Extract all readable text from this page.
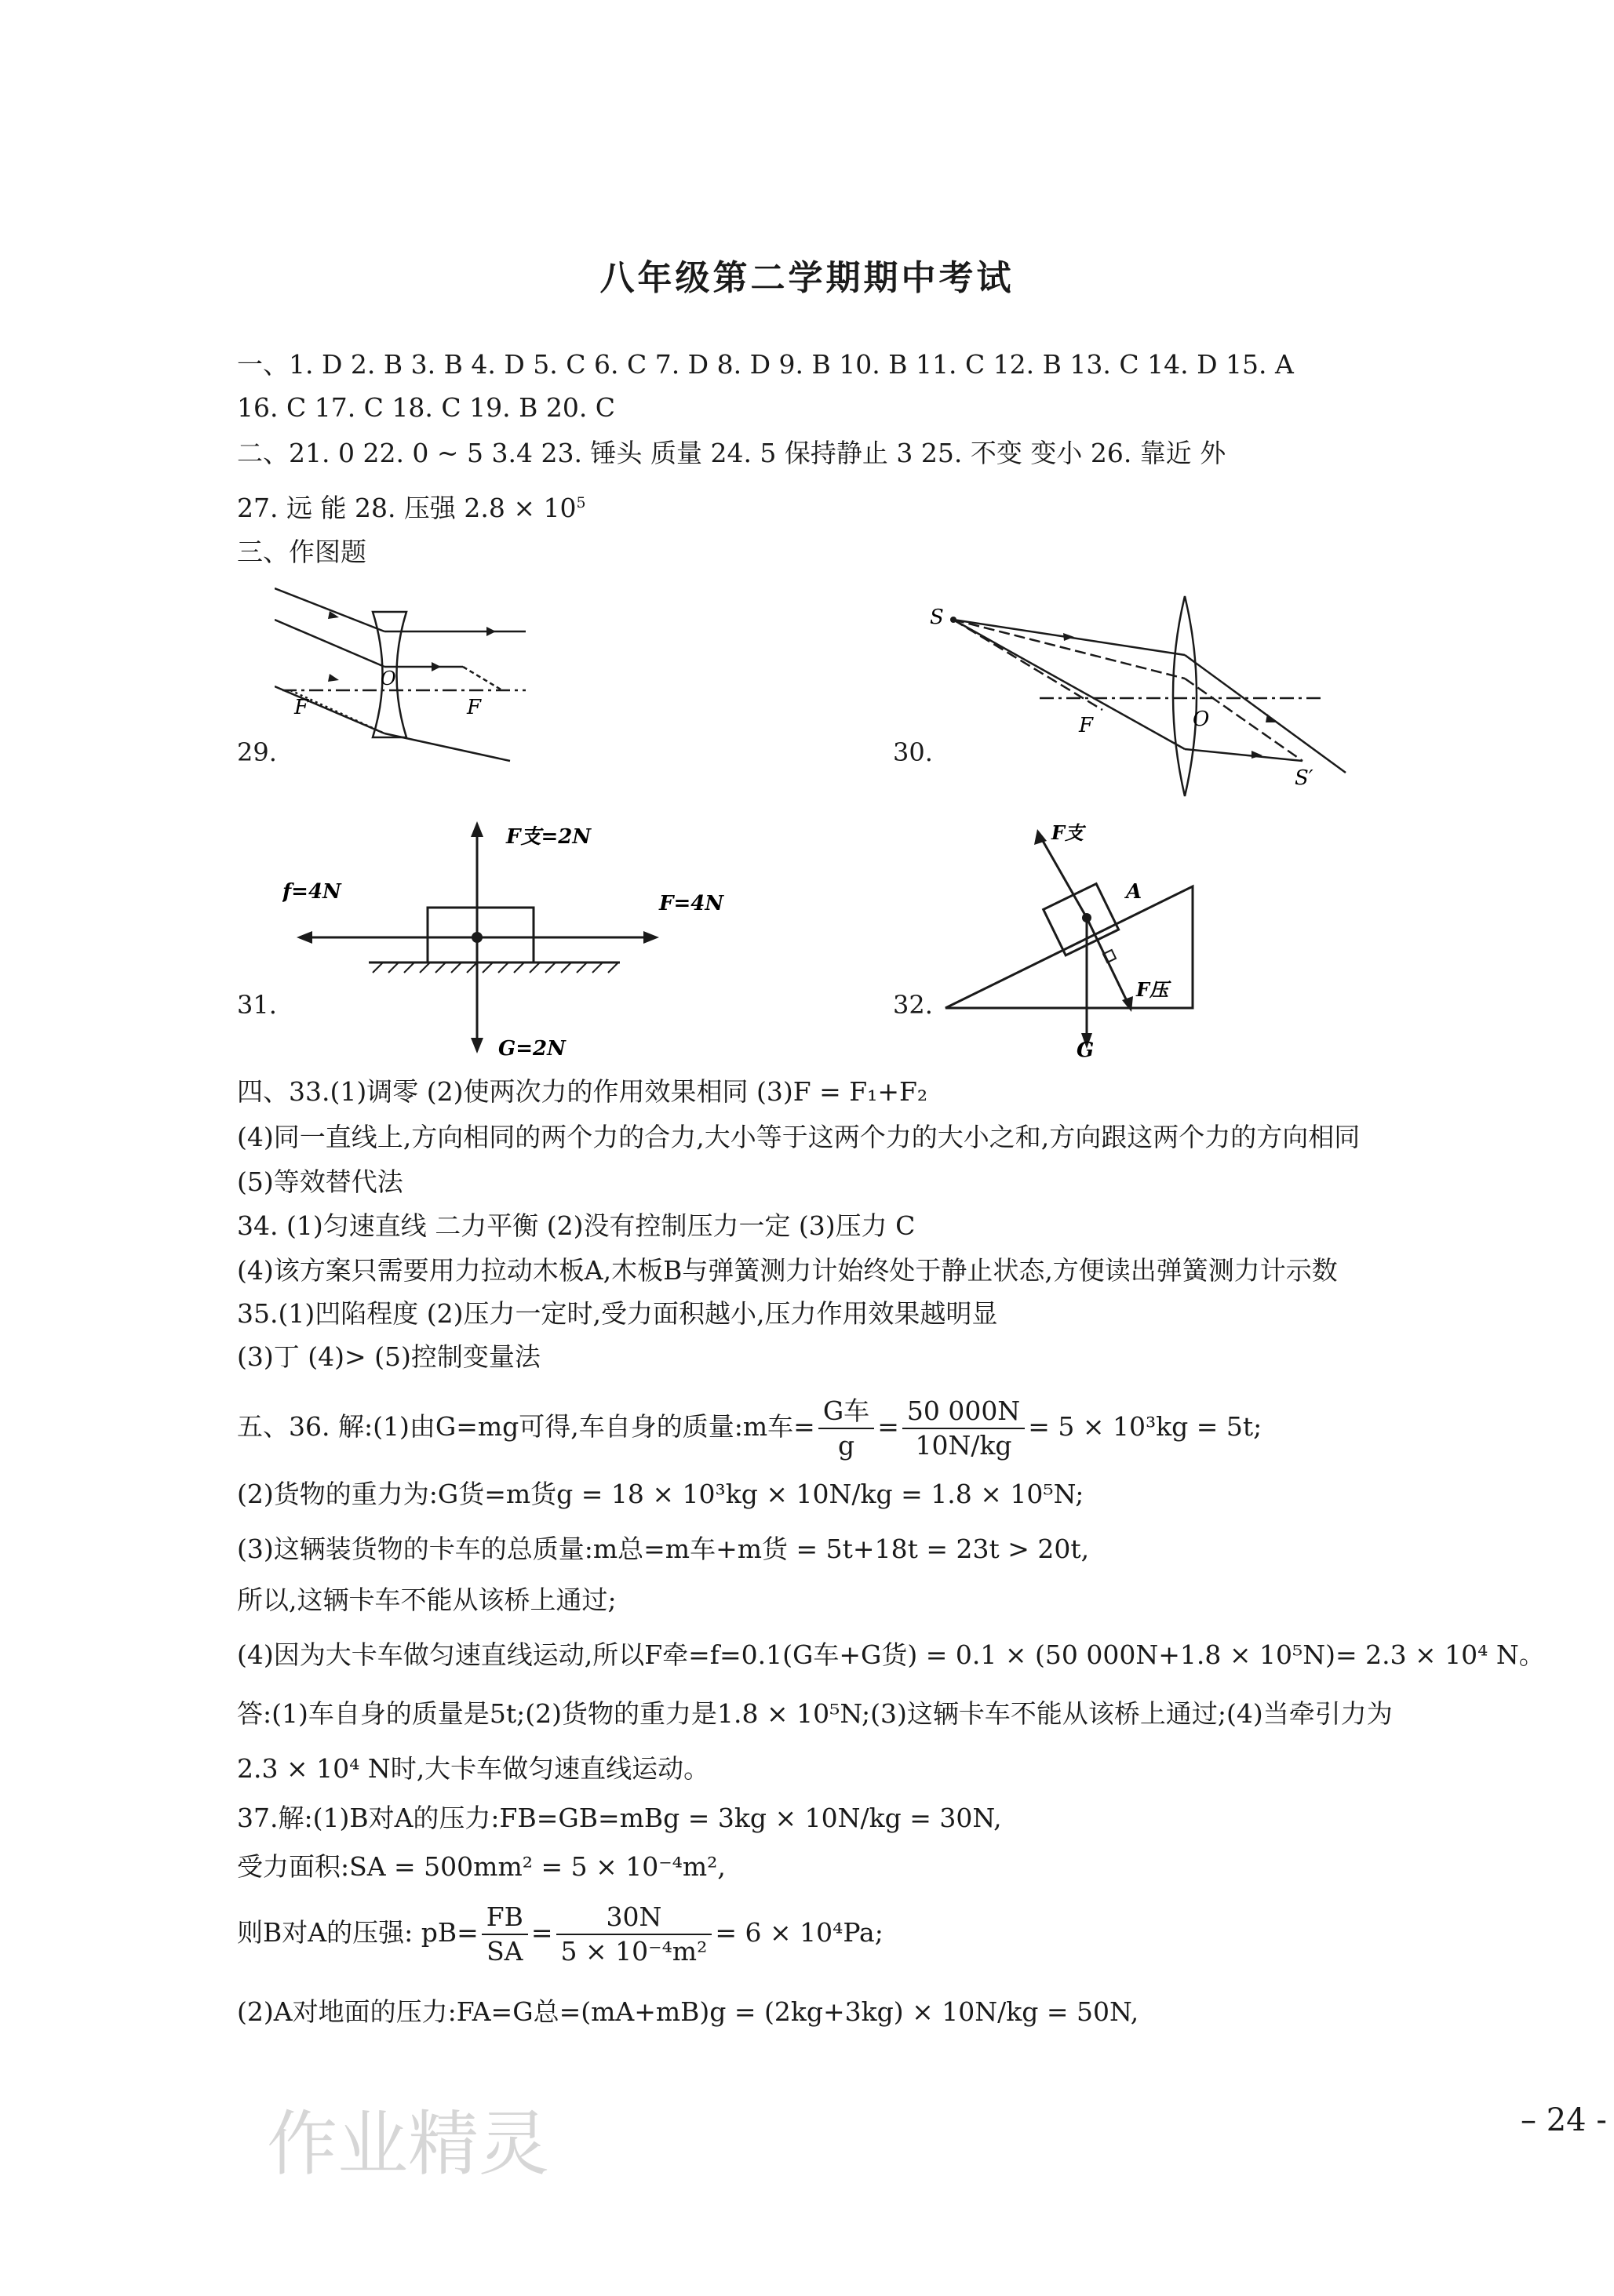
八年级第二学期期中考试
一、1. D 2. B 3. B 4. D 5. C 6. C 7. D 8. D 9. B 10. B 11. C 12. B 13. C 14. D 15. A
16. C 17. C 18. C 19. B 20. C
二、21. 0 22. 0 ~ 5 3.4 23. 锤头 质量 24. 5 保持静止 3 25. 不变 变小 26. 靠近 外
27. 远 能 28. 压强 $2.8 \times 10^5$
三、作图题
29.
F
O
F
30.
S
F	O
S′
31.
F支=2N
f=4N	F=4N
G=2N
32.
F支
A
F压
G
四、33.(1)调零 (2)使两次力的作用效果相同 (3)F = F₁+F₂
(4)同一直线上,方向相同的两个力的合力,大小等于这两个力的大小之和,方向跟这两个力的方向相同
(5)等效替代法
34. (1)匀速直线 二力平衡 (2)没有控制压力一定 (3)压力 C
(4)该方案只需要用力拉动木板A,木板B与弹簧测力计始终处于静止状态,方便读出弹簧测力计示数
35.(1)凹陷程度 (2)压力一定时,受力面积越小,压力作用效果越明显
(3)丁 (4)> (5)控制变量法
五、36. 解:(1)由G=mg可得,车自身的质量:m车= $\frac{\text{G车}}{g} = \frac{50 000N}{10N/kg} = 5 \times 10^3kg = 5t$;
(2)货物的重力为:G货=m货g = 18 × 10³kg × 10N/kg = 1.8 × 10⁵N;
(3)这辆装货物的卡车的总质量:m总=m车+m货 = 5t+18t = 23t > 20t,
所以,这辆卡车不能从该桥上通过;
(4)因为大卡车做匀速直线运动,所以F牵=f=0.1(G车+G货) = 0.1 × (50 000N+1.8 × 10⁵N)= 2.3 × 10⁴ N。
答:(1)车自身的质量是5t;(2)货物的重力是1.8 × 10⁵N;(3)这辆卡车不能从该桥上通过;(4)当牵引力为
2.3 × 10⁴ N时,大卡车做匀速直线运动。
37.解:(1)B对A的压力:FB=GB=mBg = 3kg × 10N/kg = 30N,
受力面积:SA = 500mm² = 5 × 10⁻⁴m²,
则B对A的压强: $pB= \frac{FB}{SA} = \frac{30N}{\text{5 × 10⁻⁴m²}} = 6 \times 10^4Pa$;
(2)A对地面的压力:FA=G总=(mA+mB)g = (2kg+3kg) × 10N/kg = 50N,
作业精灵	– 24 -
